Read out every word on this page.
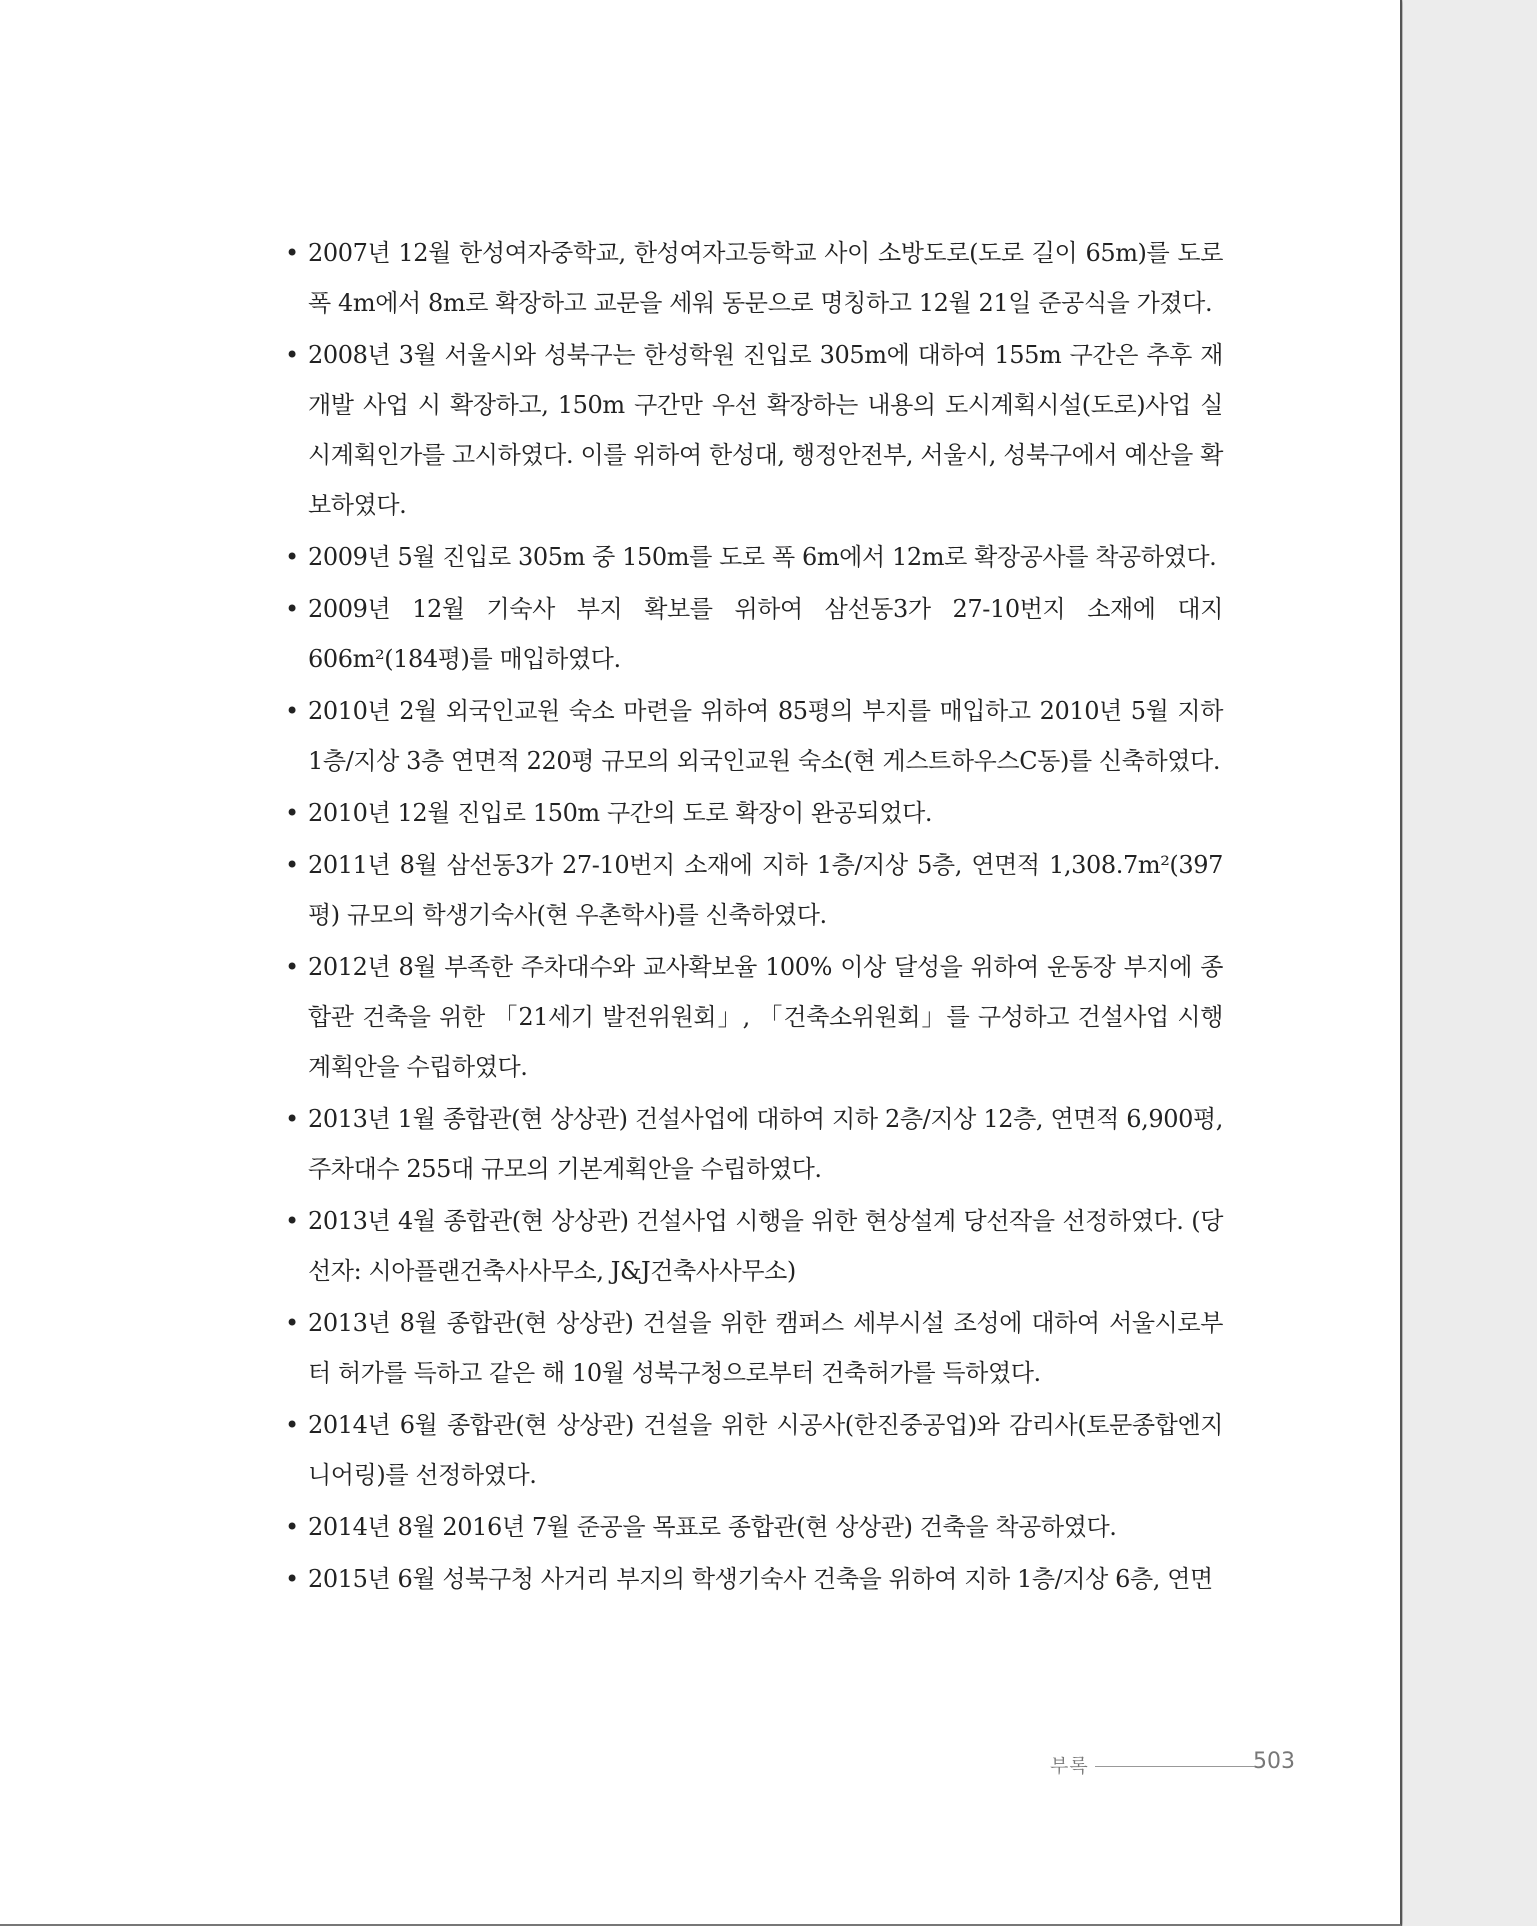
• 2007년 12월 한성여자중학교, 한성여자고등학교 사이 소방도로(도로 길이 65m)를 도로 폭 4m에서 8m로 확장하고 교문을 세워 동문으로 명칭하고 12월 21일 준공식을 가졌다.
• 2008년 3월 서울시와 성북구는 한성학원 진입로 305m에 대하여 155m 구간은 추후 재개발 사업 시 확장하고, 150m 구간만 우선 확장하는 내용의 도시계획시설(도로)사업 실시계획인가를 고시하였다. 이를 위하여 한성대, 행정안전부, 서울시, 성북구에서 예산을 확보하였다.
• 2009년 5월 진입로 305m 중 150m를 도로 폭 6m에서 12m로 확장공사를 착공하였다.
• 2009년 12월 기숙사 부지 확보를 위하여 삼선동3가 27-10번지 소재에 대지 606m²(184평)를 매입하였다.
• 2010년 2월 외국인교원 숙소 마련을 위하여 85평의 부지를 매입하고 2010년 5월 지하 1층/지상 3층 연면적 220평 규모의 외국인교원 숙소(현 게스트하우스C동)를 신축하였다.
• 2010년 12월 진입로 150m 구간의 도로 확장이 완공되었다.
• 2011년 8월 삼선동3가 27-10번지 소재에 지하 1층/지상 5층, 연면적 1,308.7m²(397평) 규모의 학생기숙사(현 우촌학사)를 신축하였다.
• 2012년 8월 부족한 주차대수와 교사확보율 100% 이상 달성을 위하여 운동장 부지에 종합관 건축을 위한 「21세기 발전위원회」, 「건축소위원회」를 구성하고 건설사업 시행 계획안을 수립하였다.
• 2013년 1월 종합관(현 상상관) 건설사업에 대하여 지하 2층/지상 12층, 연면적 6,900평, 주차대수 255대 규모의 기본계획안을 수립하였다.
• 2013년 4월 종합관(현 상상관) 건설사업 시행을 위한 현상설계 당선작을 선정하였다. (당선자: 시아플랜건축사사무소, J&J건축사사무소)
• 2013년 8월 종합관(현 상상관) 건설을 위한 캠퍼스 세부시설 조성에 대하여 서울시로부터 허가를 득하고 같은 해 10월 성북구청으로부터 건축허가를 득하였다.
• 2014년 6월 종합관(현 상상관) 건설을 위한 시공사(한진중공업)와 감리사(토문종합엔지니어링)를 선정하였다.
• 2014년 8월 2016년 7월 준공을 목표로 종합관(현 상상관) 건축을 착공하였다.
• 2015년 6월 성북구청 사거리 부지의 학생기숙사 건축을 위하여 지하 1층/지상 6층, 연면
부록	503
